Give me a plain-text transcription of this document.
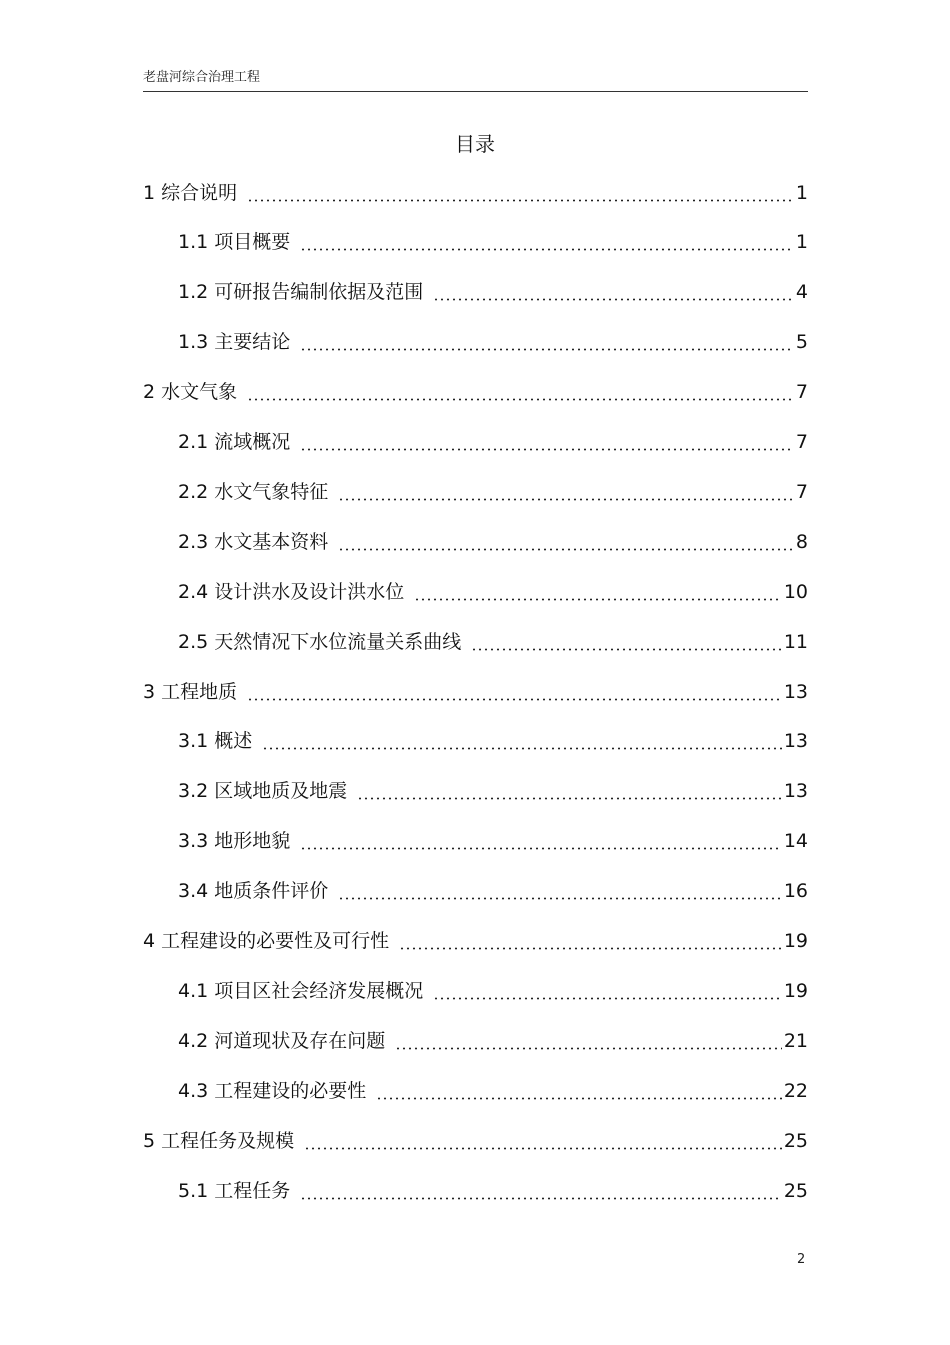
老盘河综合治理工程
目录
1 综合说明	1
1.1 项目概要	1
1.2 可研报告编制依据及范围	4
1.3 主要结论	5
2 水文气象	7
2.1 流域概况	7
2.2 水文气象特征	7
2.3 水文基本资料	8
2.4 设计洪水及设计洪水位	10
2.5 天然情况下水位流量关系曲线	11
3 工程地质	13
3.1 概述	13
3.2 区域地质及地震	13
3.3 地形地貌	14
3.4 地质条件评价	16
4 工程建设的必要性及可行性	19
4.1 项目区社会经济发展概况	19
4.2 河道现状及存在问题	21
4.3 工程建设的必要性	22
5 工程任务及规模	25
5.1 工程任务	25
2
